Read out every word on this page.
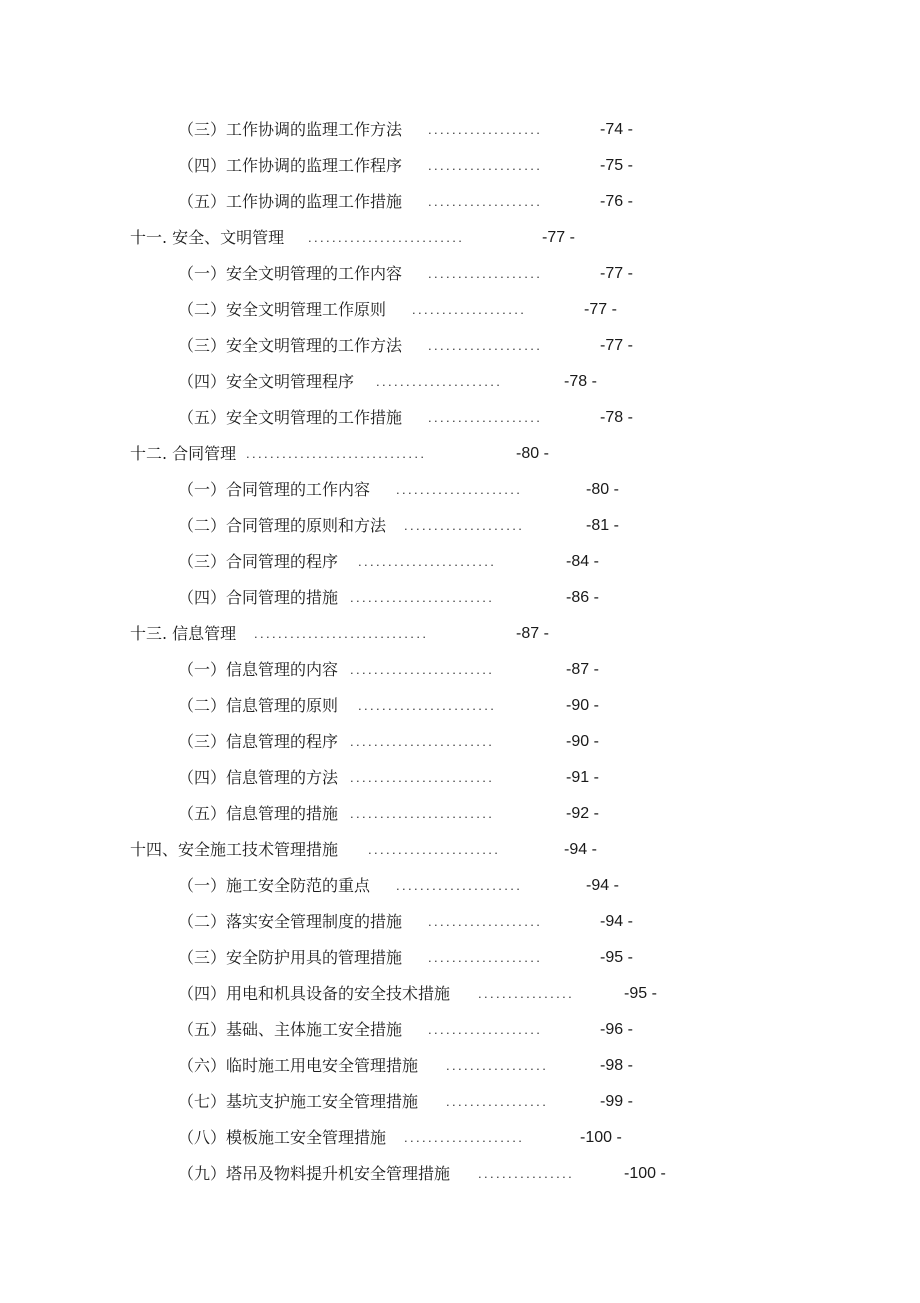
（三）工作协调的监理工作方法 ...................	-74 -
（四）工作协调的监理工作程序 ...................	-75 -
（五）工作协调的监理工作措施 ...................	-76 -
十一. 安全、文明管理 ..........................	-77 -
（一）安全文明管理的工作内容 ...................	-77 -
（二）安全文明管理工作原则 ...................	-77 -
（三）安全文明管理的工作方法 ...................	-77 -
（四）安全文明管理程序 .....................	-78 -
（五）安全文明管理的工作措施 ...................	-78 -
十二. 合同管理 ..............................	-80 -
（一）合同管理的工作内容 .....................	-80 -
（二）合同管理的原则和方法 ....................	-81 -
（三）合同管理的程序 .......................	-84 -
（四）合同管理的措施 ........................	-86 -
十三. 信息管理 .............................	-87 -
（一）信息管理的内容 ........................	-87 -
（二）信息管理的原则 .......................	-90 -
（三）信息管理的程序 ........................	-90 -
（四）信息管理的方法 ........................	-91 -
（五）信息管理的措施 ........................	-92 -
十四、安全施工技术管理措施 ......................	-94 -
（一）施工安全防范的重点 .....................	-94 -
（二）落实安全管理制度的措施 ...................	-94 -
（三）安全防护用具的管理措施 ...................	-95 -
（四）用电和机具设备的安全技术措施 ................	-95 -
（五）基础、主体施工安全措施 ...................	-96 -
（六）临时施工用电安全管理措施 .................	-98 -
（七）基坑支护施工安全管理措施 .................	-99 -
（八）模板施工安全管理措施 ....................	-100 -
（九）塔吊及物料提升机安全管理措施 ................	-100 -
